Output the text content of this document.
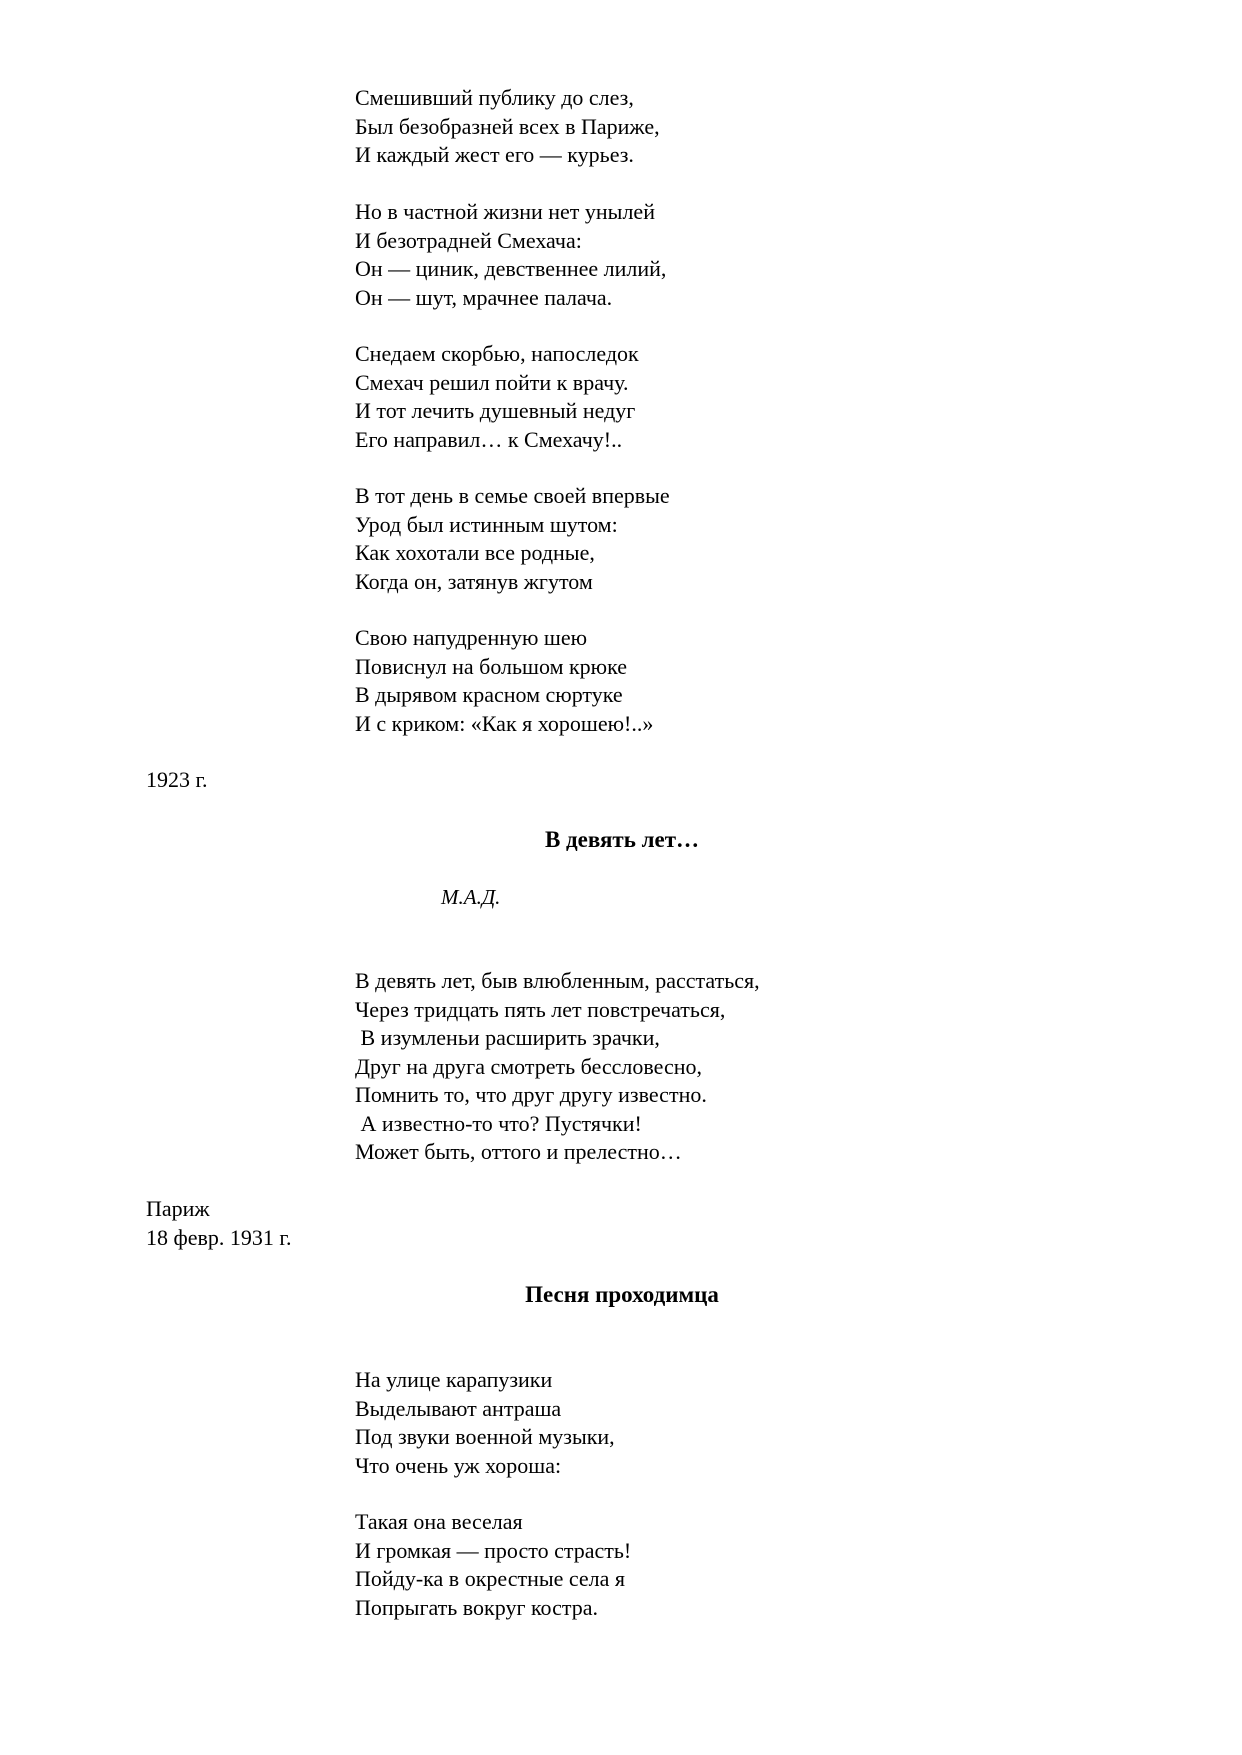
Смешивший публику до слез,
Был безобразней всех в Париже,
И каждый жест его — курьез.
Но в частной жизни нет унылей
И безотрадней Смехача:
Он — циник, девственнее лилий,
Он — шут, мрачнее палача.
Снедаем скорбью, напоследок
Смехач решил пойти к врачу.
И тот лечить душевный недуг
Его направил… к Смехачу!..
В тот день в семье своей впервые
Урод был истинным шутом:
Как хохотали все родные,
Когда он, затянув жгутом
Свою напудренную шею
Повиснул на большом крюке
В дырявом красном сюртуке
И с криком: «Как я хорошею!..»
1923 г.
В девять лет…
М.А.Д.
В девять лет, быв влюбленным, расстаться,
Через тридцать пять лет повстречаться,
В изумленьи расширить зрачки,
Друг на друга смотреть бессловесно,
Помнить то, что друг другу известно.
А известно-то что? Пустячки!
Может быть, оттого и прелестно…
Париж
18 февр. 1931 г.
Песня проходимца
На улице карапузики
Выделывают антраша
Под звуки военной музыки,
Что очень уж хороша:
Такая она веселая
И громкая — просто страсть!
Пойду-ка в окрестные села я
Попрыгать вокруг костра.
